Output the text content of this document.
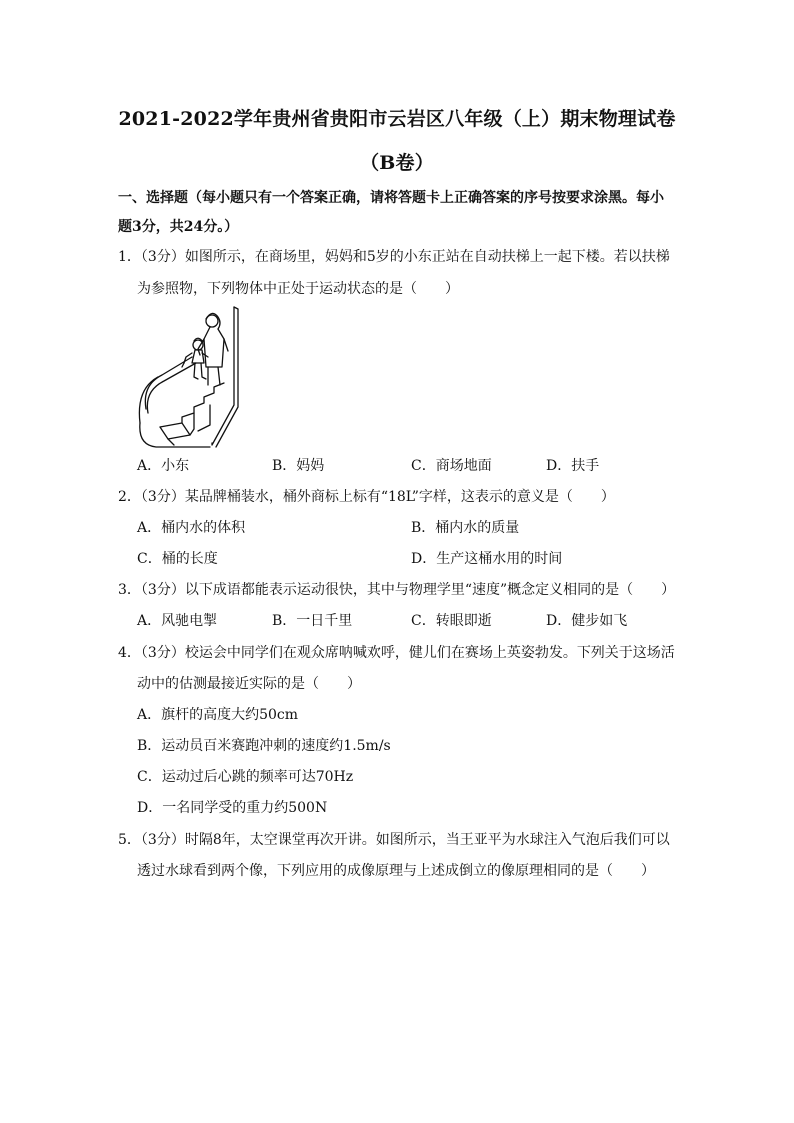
2021-2022学年贵州省贵阳市云岩区八年级（上）期末物理试卷
（B卷）
一、选择题（每小题只有一个答案正确，请将答题卡上正确答案的序号按要求涂黑。每小
题3分，共24分。）
1．（3分）如图所示，在商场里，妈妈和5岁的小东正站在自动扶梯上一起下楼。若以扶梯
为参照物，下列物体中正处于运动状态的是（　　）
A．小东	B．妈妈	C．商场地面	D．扶手
2．（3分）某品牌桶装水，桶外商标上标有“18L”字样，这表示的意义是（　　）
A．桶内水的体积	B．桶内水的质量
C．桶的长度	D．生产这桶水用的时间
3．（3分）以下成语都能表示运动很快，其中与物理学里“速度”概念定义相同的是（　　）
A．风驰电掣	B．一日千里	C．转眼即逝	D．健步如飞
4．（3分）校运会中同学们在观众席呐喊欢呼，健儿们在赛场上英姿勃发。下列关于这场活
动中的估测最接近实际的是（　　）
A．旗杆的高度大约50cm
B．运动员百米赛跑冲刺的速度约1.5m/s
C．运动过后心跳的频率可达70Hz
D．一名同学受的重力约500N
5．（3分）时隔8年，太空课堂再次开讲。如图所示，当王亚平为水球注入气泡后我们可以
透过水球看到两个像，下列应用的成像原理与上述成倒立的像原理相同的是（　　）
